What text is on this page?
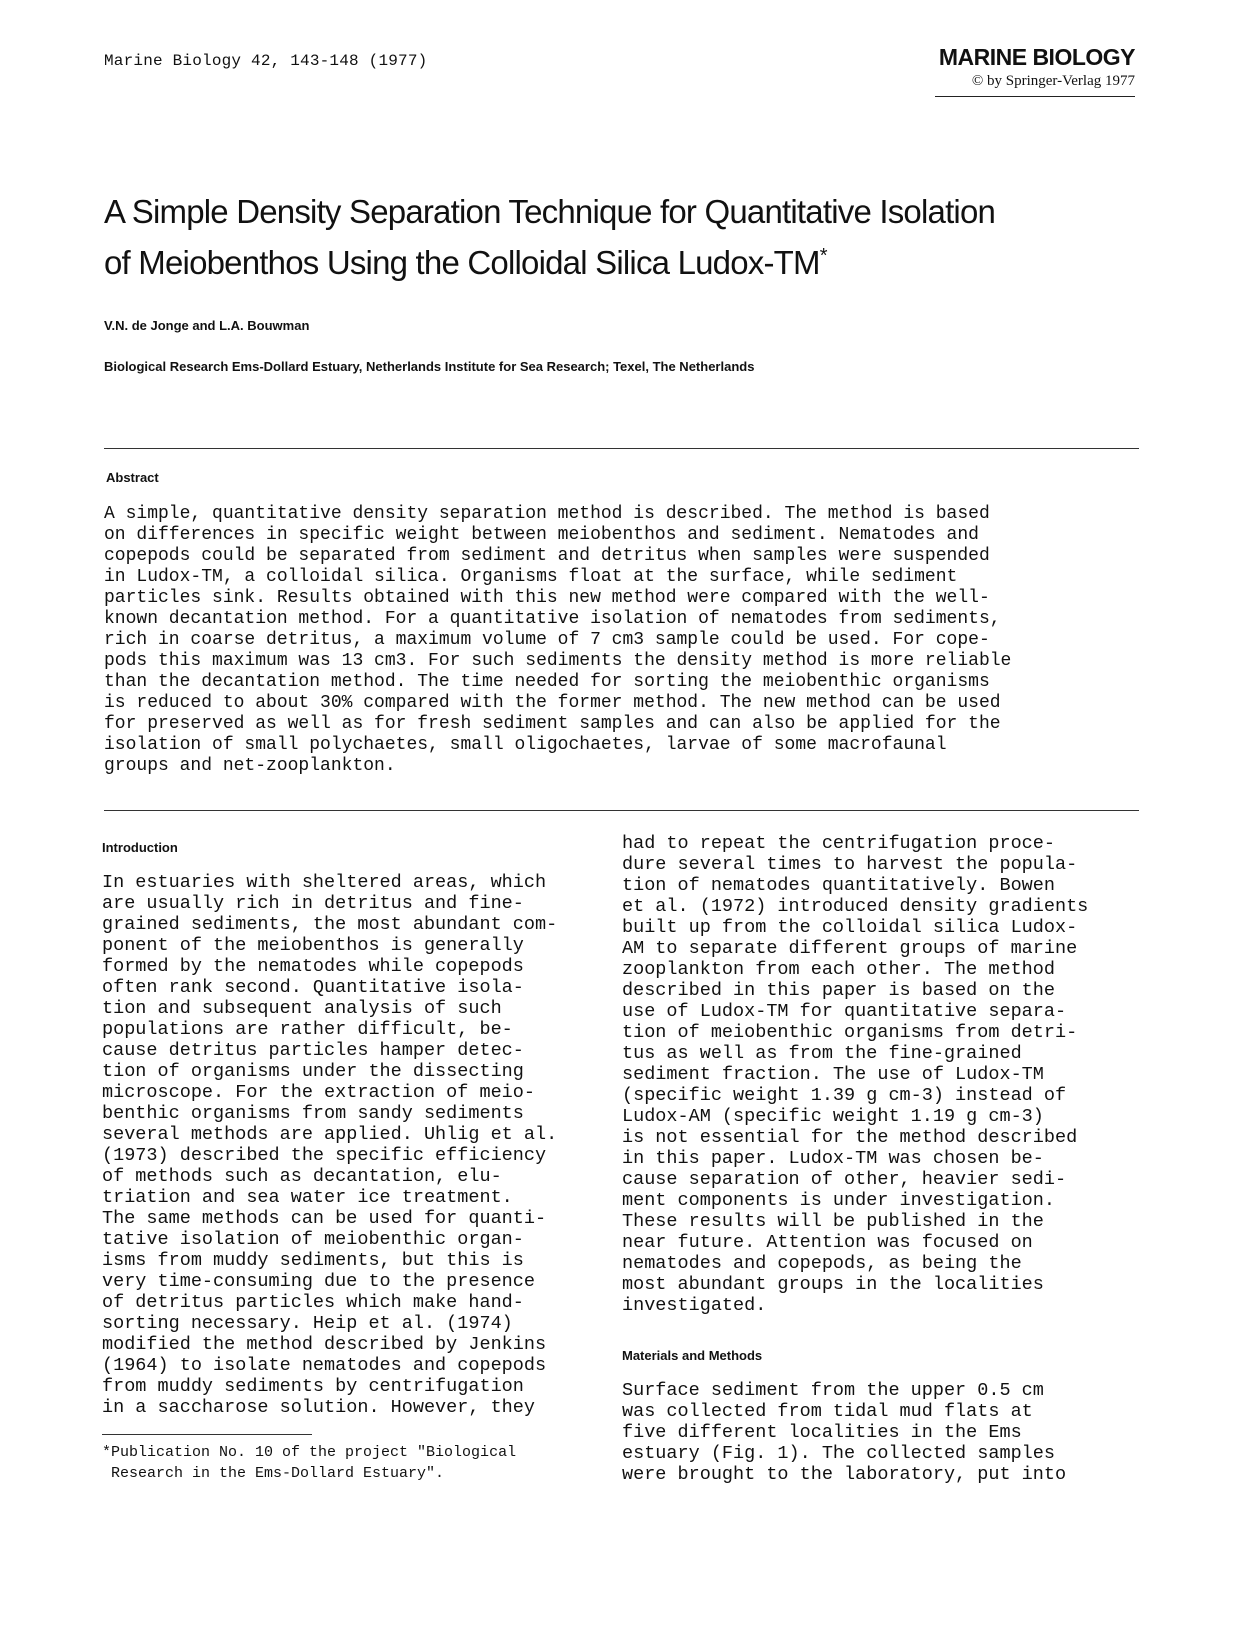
Marine Biology 42, 143-148 (1977)	MARINE BIOLOGY
© by Springer-Verlag 1977
A Simple Density Separation Technique for Quantitative Isolation
of Meiobenthos Using the Colloidal Silica Ludox-TM*
V.N. de Jonge and L.A. Bouwman
Biological Research Ems-Dollard Estuary, Netherlands Institute for Sea Research; Texel, The Netherlands
Abstract
A simple, quantitative density separation method is described. The method is based
on differences in specific weight between meiobenthos and sediment. Nematodes and
copepods could be separated from sediment and detritus when samples were suspended
in Ludox-TM, a colloidal silica. Organisms float at the surface, while sediment
particles sink. Results obtained with this new method were compared with the well-
known decantation method. For a quantitative isolation of nematodes from sediments,
rich in coarse detritus, a maximum volume of 7 cm3 sample could be used. For cope-
pods this maximum was 13 cm3. For such sediments the density method is more reliable
than the decantation method. The time needed for sorting the meiobenthic organisms
is reduced to about 30% compared with the former method. The new method can be used
for preserved as well as for fresh sediment samples and can also be applied for the
isolation of small polychaetes, small oligochaetes, larvae of some macrofaunal
groups and net-zooplankton.
Introduction
In estuaries with sheltered areas, which
are usually rich in detritus and fine-
grained sediments, the most abundant com-
ponent of the meiobenthos is generally
formed by the nematodes while copepods
often rank second. Quantitative isola-
tion and subsequent analysis of such
populations are rather difficult, be-
cause detritus particles hamper detec-
tion of organisms under the dissecting
microscope. For the extraction of meio-
benthic organisms from sandy sediments
several methods are applied. Uhlig et al.
(1973) described the specific efficiency
of methods such as decantation, elu-
triation and sea water ice treatment.
The same methods can be used for quanti-
tative isolation of meiobenthic organ-
isms from muddy sediments, but this is
very time-consuming due to the presence
of detritus particles which make hand-
sorting necessary. Heip et al. (1974)
modified the method described by Jenkins
(1964) to isolate nematodes and copepods
from muddy sediments by centrifugation
in a saccharose solution. However, they
had to repeat the centrifugation proce-
dure several times to harvest the popula-
tion of nematodes quantitatively. Bowen
et al. (1972) introduced density gradients
built up from the colloidal silica Ludox-
AM to separate different groups of marine
zooplankton from each other. The method
described in this paper is based on the
use of Ludox-TM for quantitative separa-
tion of meiobenthic organisms from detri-
tus as well as from the fine-grained
sediment fraction. The use of Ludox-TM
(specific weight 1.39 g cm-3) instead of
Ludox-AM (specific weight 1.19 g cm-3)
is not essential for the method described
in this paper. Ludox-TM was chosen be-
cause separation of other, heavier sedi-
ment components is under investigation.
These results will be published in the
near future. Attention was focused on
nematodes and copepods, as being the
most abundant groups in the localities
investigated.
Materials and Methods
Surface sediment from the upper 0.5 cm
was collected from tidal mud flats at
five different localities in the Ems
estuary (Fig. 1). The collected samples
were brought to the laboratory, put into
*Publication No. 10 of the project "Biological
Research in the Ems-Dollard Estuary".
